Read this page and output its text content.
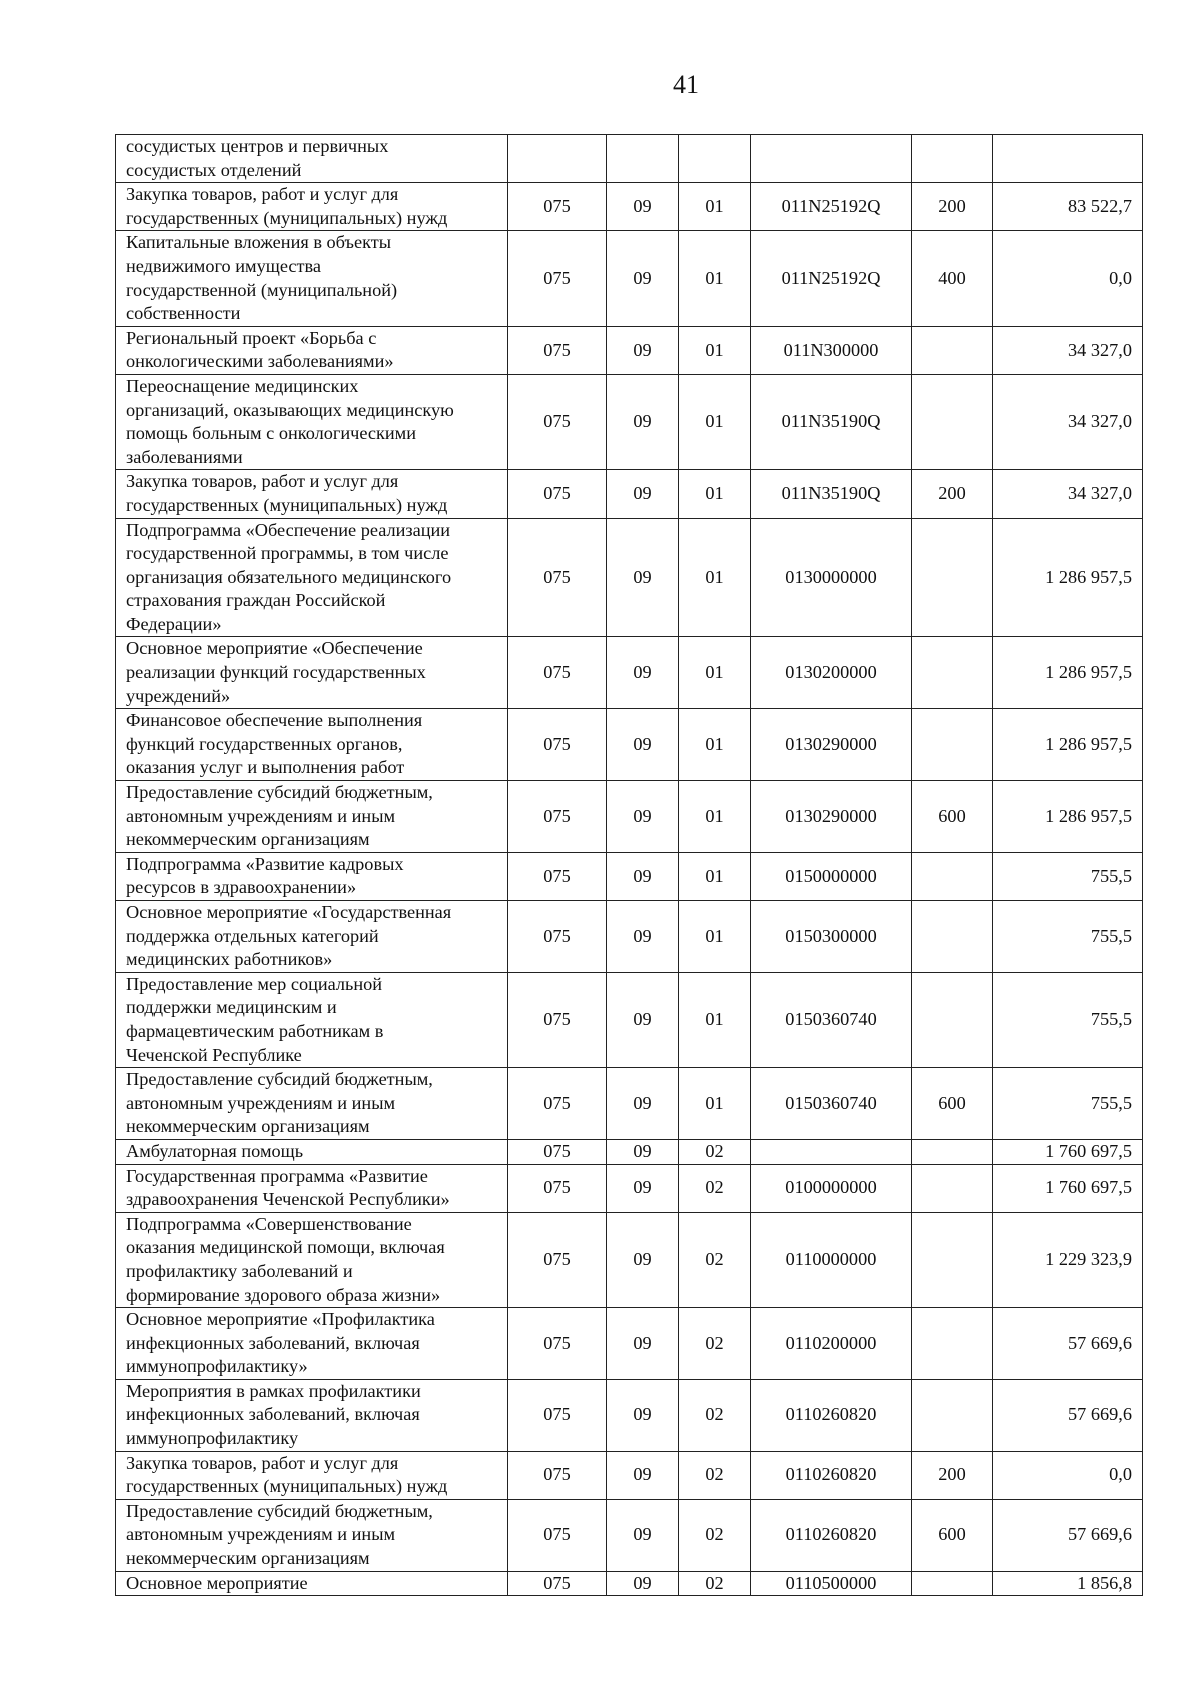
41
сосудистых центров и первичных
сосудистых отделений						
Закупка товаров, работ и услуг для
государственных (муниципальных) нужд	075	09	01	011N25192Q	200	83 522,7
Капитальные вложения в объекты
недвижимого имущества
государственной (муниципальной)
собственности	075	09	01	011N25192Q	400	0,0
Региональный проект «Борьба с
онкологическими заболеваниями»	075	09	01	011N300000		34 327,0
Переоснащение медицинских
организаций, оказывающих медицинскую
помощь больным с онкологическими
заболеваниями	075	09	01	011N35190Q		34 327,0
Закупка товаров, работ и услуг для
государственных (муниципальных) нужд	075	09	01	011N35190Q	200	34 327,0
Подпрограмма «Обеспечение реализации
государственной программы, в том числе
организация обязательного медицинского
страхования граждан Российской
Федерации»	075	09	01	0130000000		1 286 957,5
Основное мероприятие «Обеспечение
реализации функций государственных
учреждений»	075	09	01	0130200000		1 286 957,5
Финансовое обеспечение выполнения
функций государственных органов,
оказания услуг и выполнения работ	075	09	01	0130290000		1 286 957,5
Предоставление субсидий бюджетным,
автономным учреждениям и иным
некоммерческим организациям	075	09	01	0130290000	600	1 286 957,5
Подпрограмма «Развитие кадровых
ресурсов в здравоохранении»	075	09	01	0150000000		755,5
Основное мероприятие «Государственная
поддержка отдельных категорий
медицинских работников»	075	09	01	0150300000		755,5
Предоставление мер социальной
поддержки медицинским и
фармацевтическим работникам в
Чеченской Республике	075	09	01	0150360740		755,5
Предоставление субсидий бюджетным,
автономным учреждениям и иным
некоммерческим организациям	075	09	01	0150360740	600	755,5
Амбулаторная помощь	075	09	02			1 760 697,5
Государственная программа «Развитие
здравоохранения Чеченской Республики»	075	09	02	0100000000		1 760 697,5
Подпрограмма «Совершенствование
оказания медицинской помощи, включая
профилактику заболеваний и
формирование здорового образа жизни»	075	09	02	0110000000		1 229 323,9
Основное мероприятие «Профилактика
инфекционных заболеваний, включая
иммунопрофилактику»	075	09	02	0110200000		57 669,6
Мероприятия в рамках профилактики
инфекционных заболеваний, включая
иммунопрофилактику	075	09	02	0110260820		57 669,6
Закупка товаров, работ и услуг для
государственных (муниципальных) нужд	075	09	02	0110260820	200	0,0
Предоставление субсидий бюджетным,
автономным учреждениям и иным
некоммерческим организациям	075	09	02	0110260820	600	57 669,6
Основное мероприятие	075	09	02	0110500000		1 856,8
